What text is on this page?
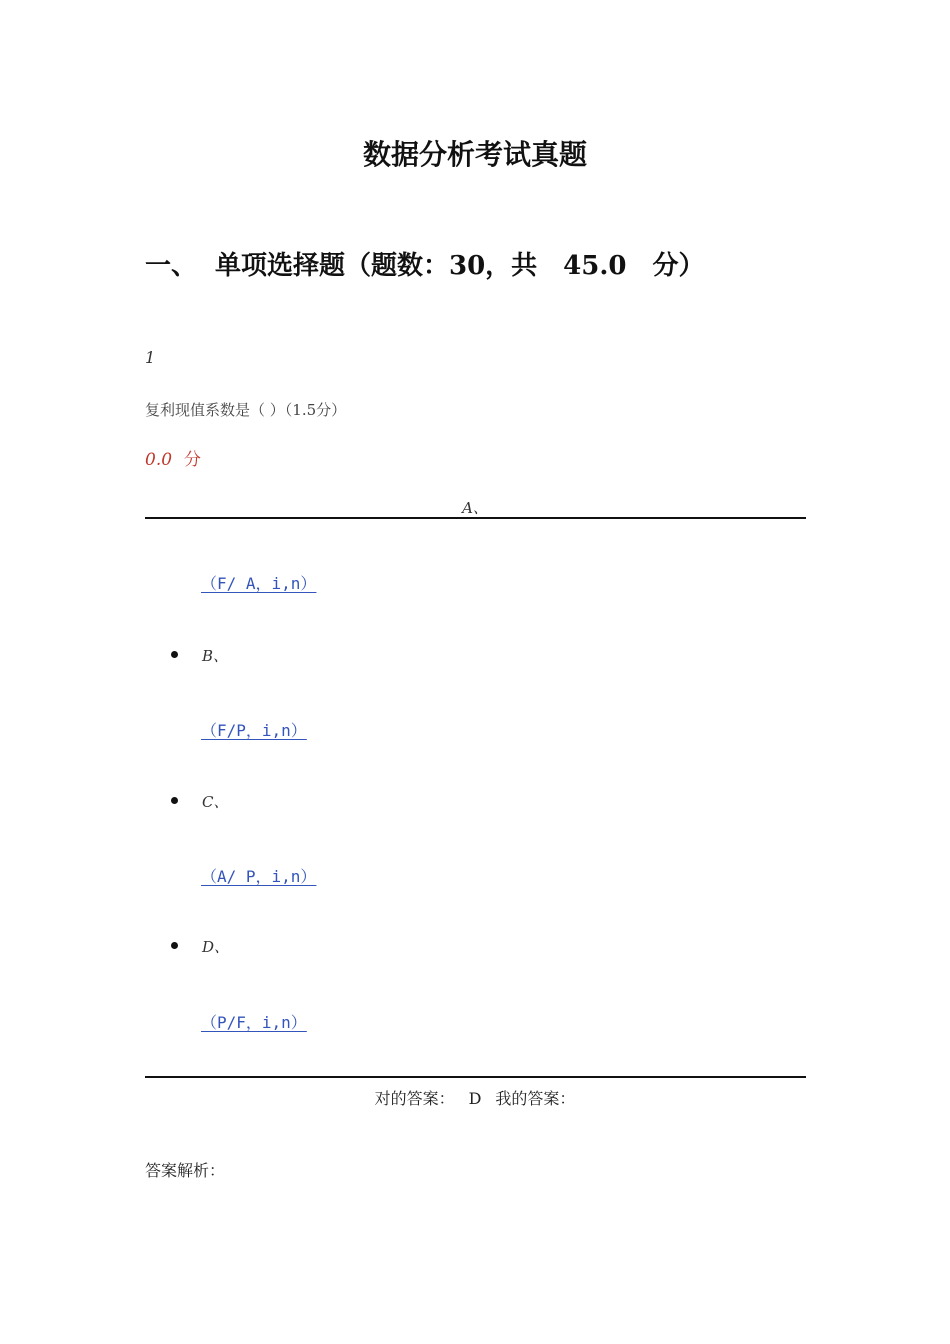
数据分析考试真题
一、 单项选择题（题数：30，共　45.0　分）
1
复利现值系数是（ ）（1.5分）
0.0 分
A、
（F/ A，i,n）
B、
（F/P，i,n）
C、
（A/ P，i,n）
D、
（P/F，i,n）
对的答案： D 我的答案：
答案解析：
